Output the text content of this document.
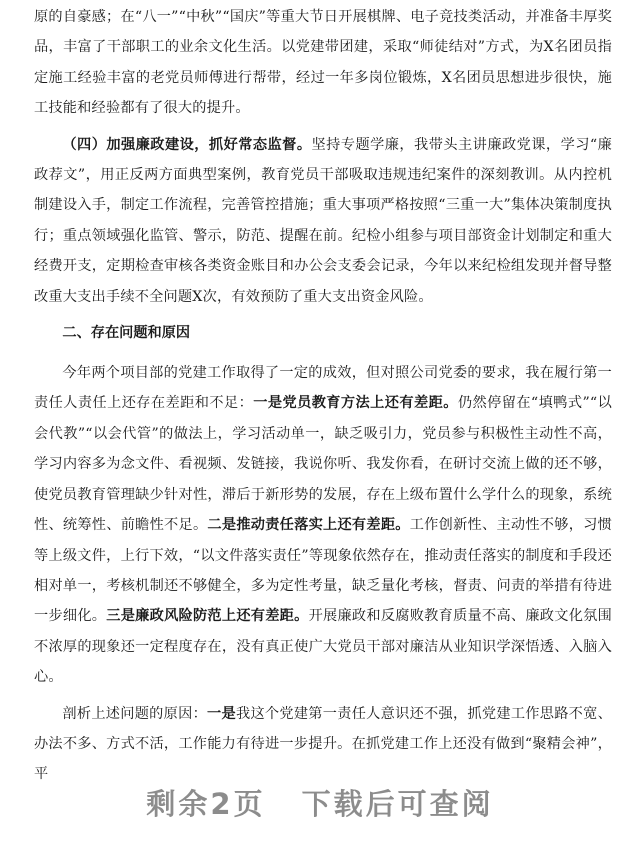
原的自豪感；在“八一”“中秋”“国庆”等重大节日开展棋牌、电子竞技类活动，并准备丰厚奖品，丰富了干部职工的业余文化生活。以党建带团建，采取“师徒结对”方式，为X名团员指定施工经验丰富的老党员师傅进行帮带，经过一年多岗位锻炼，X名团员思想进步很快，施工技能和经验都有了很大的提升。

（四）加强廉政建设，抓好常态监督。坚持专题学廉，我带头主讲廉政党课，学习“廉政荐文”，用正反两方面典型案例，教育党员干部吸取违规违纪案件的深刻教训。从内控机制建设入手，制定工作流程，完善管控措施；重大事项严格按照“三重一大”集体决策制度执行；重点领域强化监管、警示，防范、提醒在前。纪检小组参与项目部资金计划制定和重大经费开支，定期检查审核各类资金账目和办公会支委会记录，今年以来纪检组发现并督导整改重大支出手续不全问题X次，有效预防了重大支出资金风险。

二、存在问题和原因

今年两个项目部的党建工作取得了一定的成效，但对照公司党委的要求，我在履行第一责任人责任上还存在差距和不足：一是党员教育方法上还有差距。仍然停留在“填鸭式”“以会代教”“以会代管”的做法上，学习活动单一，缺乏吸引力，党员参与积极性主动性不高，学习内容多为念文件、看视频、发链接，我说你听、我发你看，在研讨交流上做的还不够，使党员教育管理缺少针对性，滞后于新形势的发展，存在上级布置什么学什么的现象，系统性、统筹性、前瞻性不足。二是推动责任落实上还有差距。工作创新性、主动性不够，习惯等上级文件，上行下效，“以文件落实责任”等现象依然存在，推动责任落实的制度和手段还相对单一，考核机制还不够健全，多为定性考量，缺乏量化考核，督责、问责的举措有待进一步细化。三是廉政风险防范上还有差距。开展廉政和反腐败教育质量不高、廉政文化氛围不浓厚的现象还一定程度存在，没有真正使广大党员干部对廉洁从业知识学深悟透、入脑入心。

剖析上述问题的原因：一是我这个党建第一责任人意识还不强，抓党建工作思路不宽、办法不多、方式不活，工作能力有待进一步提升。在抓党建工作上还没有做到“聚精会神”，平

剩余2页 下载后可查阅
